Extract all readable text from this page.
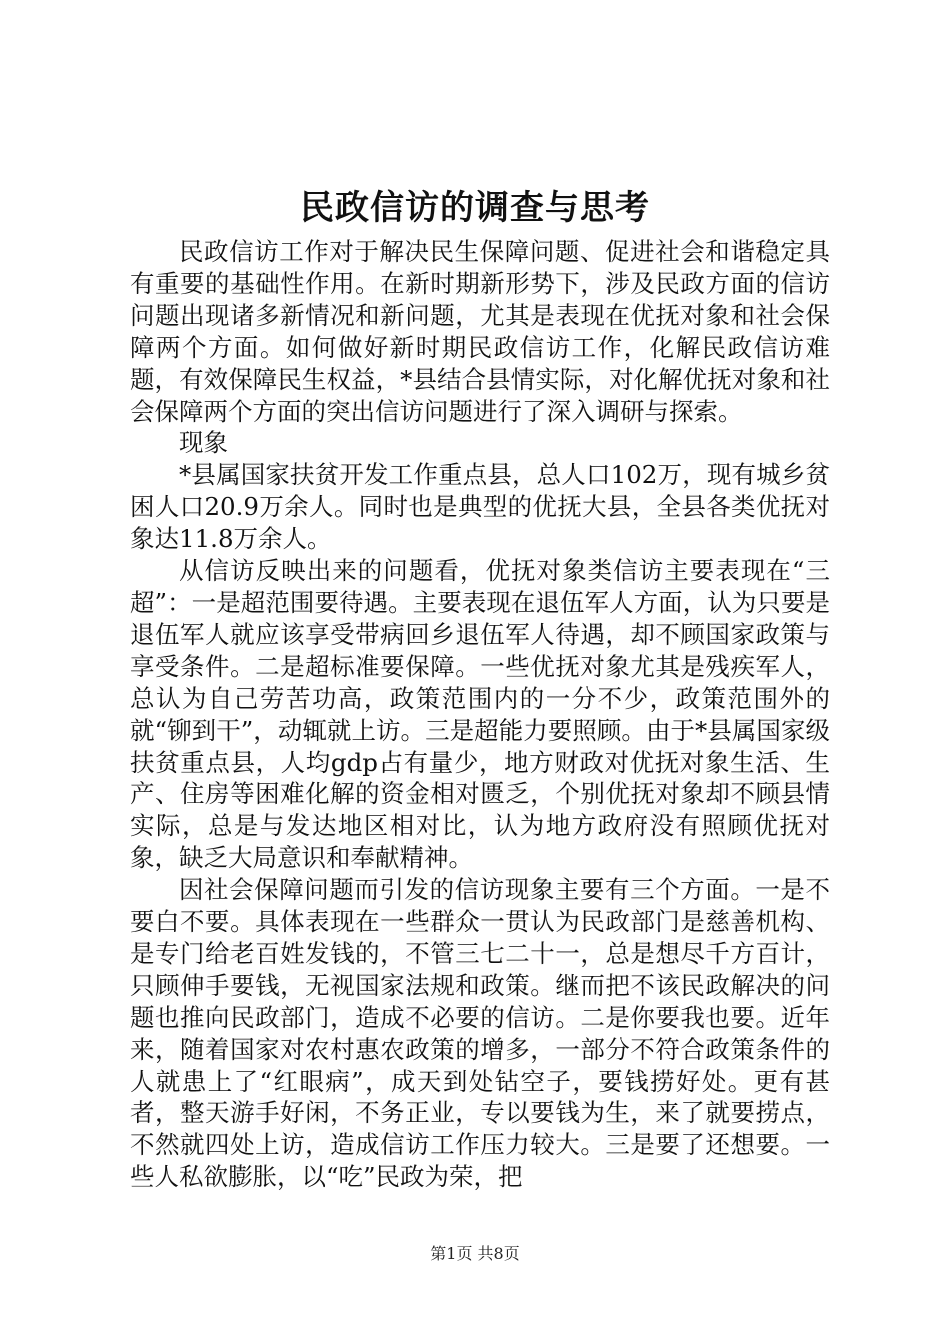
民政信访的调查与思考

民政信访工作对于解决民生保障问题、促进社会和谐稳定具有重要的基础性作用。在新时期新形势下，涉及民政方面的信访问题出现诸多新情况和新问题，尤其是表现在优抚对象和社会保障两个方面。如何做好新时期民政信访工作，化解民政信访难题，有效保障民生权益，*县结合县情实际，对化解优抚对象和社会保障两个方面的突出信访问题进行了深入调研与探索。

现象

*县属国家扶贫开发工作重点县，总人口102万，现有城乡贫困人口20.9万余人。同时也是典型的优抚大县，全县各类优抚对象达11.8万余人。

从信访反映出来的问题看，优抚对象类信访主要表现在“三超”：一是超范围要待遇。主要表现在退伍军人方面，认为只要是退伍军人就应该享受带病回乡退伍军人待遇，却不顾国家政策与享受条件。二是超标准要保障。一些优抚对象尤其是残疾军人，总认为自己劳苦功高，政策范围内的一分不少，政策范围外的就“铆到干”，动辄就上访。三是超能力要照顾。由于*县属国家级扶贫重点县，人均gdp占有量少，地方财政对优抚对象生活、生产、住房等困难化解的资金相对匮乏，个别优抚对象却不顾县情实际，总是与发达地区相对比，认为地方政府没有照顾优抚对象，缺乏大局意识和奉献精神。

因社会保障问题而引发的信访现象主要有三个方面。一是不要白不要。具体表现在一些群众一贯认为民政部门是慈善机构、是专门给老百姓发钱的，不管三七二十一，总是想尽千方百计，只顾伸手要钱，无视国家法规和政策。继而把不该民政解决的问题也推向民政部门，造成不必要的信访。二是你要我也要。近年来，随着国家对农村惠农政策的增多，一部分不符合政策条件的人就患上了“红眼病”，成天到处钻空子，要钱捞好处。更有甚者，整天游手好闲，不务正业，专以要钱为生，来了就要捞点，不然就四处上访，造成信访工作压力较大。三是要了还想要。一些人私欲膨胀，以“吃”民政为荣，把

第1页 共8页
